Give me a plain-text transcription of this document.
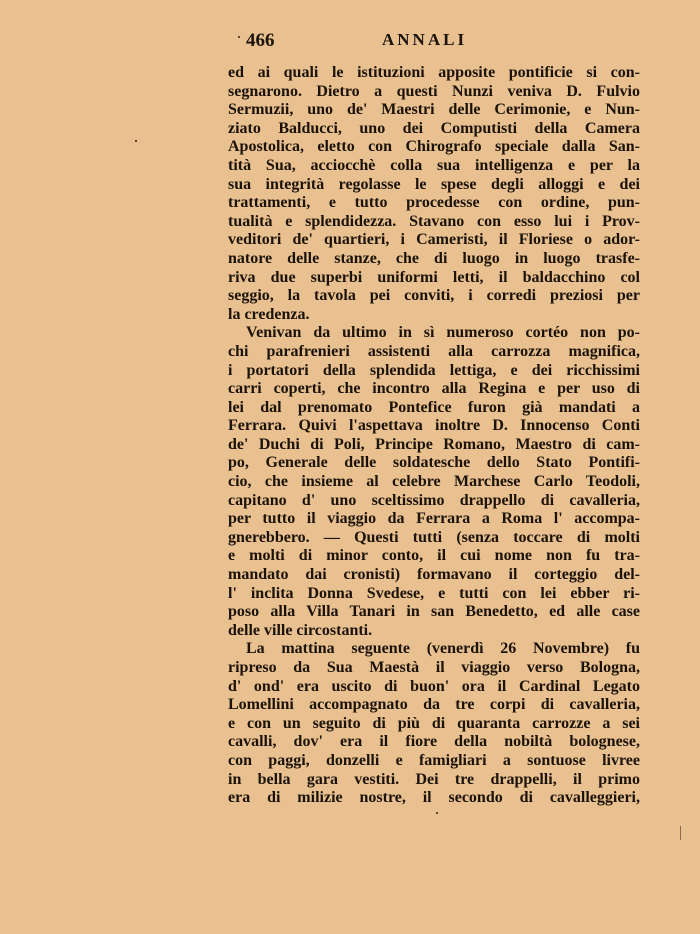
466	ANNALI
ed ai quali le istituzioni apposite pontificie si con-
segnarono. Dietro a questi Nunzi veniva D. Fulvio
Sermuzii, uno de' Maestri delle Cerimonie, e Nun-
ziato Balducci, uno dei Computisti della Camera
Apostolica, eletto con Chirografo speciale dalla San-
tità Sua, acciocchè colla sua intelligenza e per la
sua integrità regolasse le spese degli alloggi e dei
trattamenti, e tutto procedesse con ordine, pun-
tualità e splendidezza. Stavano con esso lui i Prov-
veditori de' quartieri, i Cameristi, il Floriese o ador-
natore delle stanze, che di luogo in luogo trasfe-
riva due superbi uniformi letti, il baldacchino col
seggio, la tavola pei conviti, i corredi preziosi per
la credenza.
Venivan da ultimo in sì numeroso cortéo non po-
chi parafrenieri assistenti alla carrozza magnifica,
i portatori della splendida lettiga, e dei ricchissimi
carri coperti, che incontro alla Regina e per uso di
lei dal prenomato Pontefice furon già mandati a
Ferrara. Quivi l'aspettava inoltre D. Innocenso Conti
de' Duchi di Poli, Principe Romano, Maestro di cam-
po, Generale delle soldatesche dello Stato Pontifi-
cio, che insieme al celebre Marchese Carlo Teodoli,
capitano d' uno sceltissimo drappello di cavalleria,
per tutto il viaggio da Ferrara a Roma l' accompa-
gnerebbero. — Questi tutti (senza toccare di molti
e molti di minor conto, il cui nome non fu tra-
mandato dai cronisti) formavano il corteggio del-
l' inclita Donna Svedese, e tutti con lei ebber ri-
poso alla Villa Tanari in san Benedetto, ed alle case
delle ville circostanti.
La mattina seguente (venerdì 26 Novembre) fu
ripreso da Sua Maestà il viaggio verso Bologna,
d' ond' era uscito di buon' ora il Cardinal Legato
Lomellini accompagnato da tre corpi di cavalleria,
e con un seguito di più di quaranta carrozze a sei
cavalli, dov' era il fiore della nobiltà bolognese,
con paggi, donzelli e famigliari a sontuose livree
in bella gara vestiti. Dei tre drappelli, il primo
era di milizie nostre, il secondo di cavalleggieri,
